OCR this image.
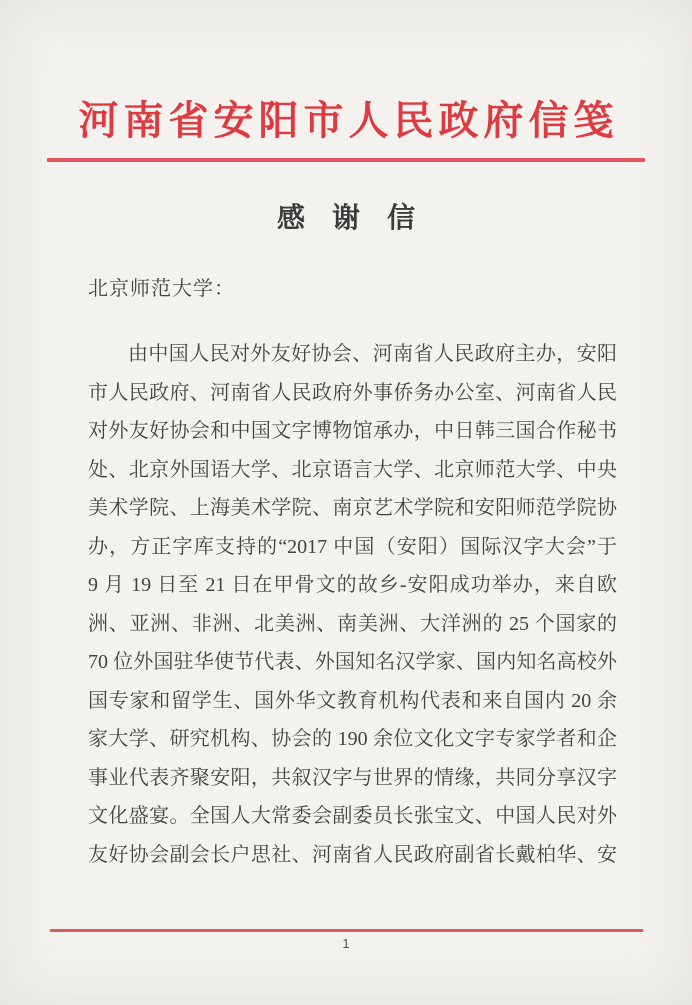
河南省安阳市人民政府信笺
感 谢 信
北京师范大学：
由中国人民对外友好协会、河南省人民政府主办，安阳
市人民政府、河南省人民政府外事侨务办公室、河南省人民
对外友好协会和中国文字博物馆承办，中日韩三国合作秘书
处、北京外国语大学、北京语言大学、北京师范大学、中央
美术学院、上海美术学院、南京艺术学院和安阳师范学院协
办，方正字库支持的“2017 中国（安阳）国际汉字大会”于
9 月 19 日至 21 日在甲骨文的故乡-安阳成功举办，来自欧
洲、亚洲、非洲、北美洲、南美洲、大洋洲的 25 个国家的
70 位外国驻华使节代表、外国知名汉学家、国内知名高校外
国专家和留学生、国外华文教育机构代表和来自国内 20 余
家大学、研究机构、协会的 190 余位文化文字专家学者和企
事业代表齐聚安阳，共叙汉字与世界的情缘，共同分享汉字
文化盛宴。全国人大常委会副委员长张宝文、中国人民对外
友好协会副会长户思社、河南省人民政府副省长戴柏华、安
1
